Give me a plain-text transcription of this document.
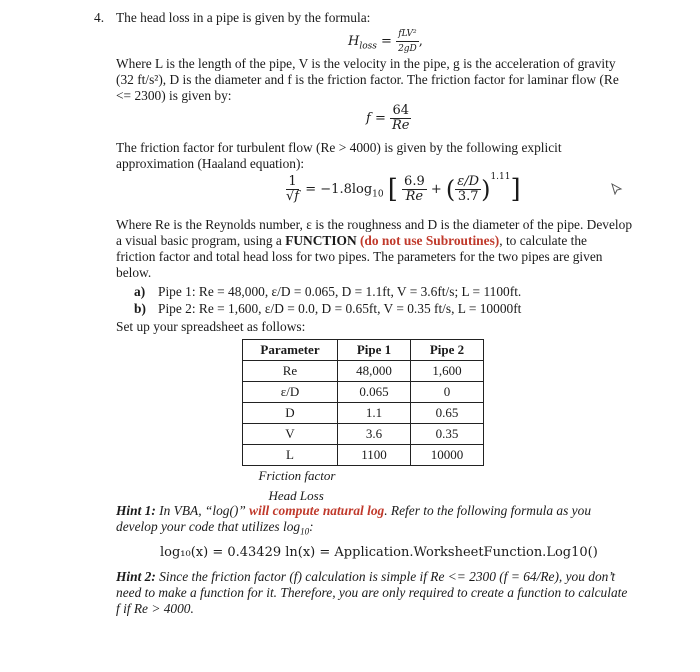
4. The head loss in a pipe is given by the formula:
$H_{loss} = \frac{\text{fLV²}}{2gD}$ ,
Where L is the length of the pipe, V is the velocity in the pipe, g is the acceleration of gravity
(32 ft/s²), D is the diameter and f is the friction factor. The friction factor for laminar flow (Re
<= 2300) is given by:
$f = \frac{64}{Re}$
The friction factor for turbulent flow (Re > 4000) is given by the following explicit
approximation (Haaland equation):
$\frac{1}{√f} = -1.8\log_{10}$ [ $\frac{6.9}{Re}$ + ( $\frac{\varepsilon/D}{3.7} )^{1.11}$]
Where Re is the Reynolds number, ε is the roughness and D is the diameter of the pipe. Develop
a visual basic program, using a FUNCTION (do not use Subroutines), to calculate the
friction factor and total head loss for two pipes. The parameters for the two pipes are given
below.
a) Pipe 1: Re = 48,000, ε/D = 0.065, D = 1.1ft, V = 3.6ft/s; L = 1100ft.
b) Pipe 2: Re = 1,600, ε/D = 0.0, D = 0.65ft, V = 0.35 ft/s, L = 10000ft
Set up your spreadsheet as follows:
Parameter	Pipe 1	Pipe 2
Re	48,000	1,600
ε/D	0.065	0
D	1.1	0.65
V	3.6	0.35
L	1100	10000
Friction factor		
Head Loss		
Hint 1: In VBA, “log()” will compute natural log. Refer to the following formula as you
develop your code that utilizes $\log_{10}$:
log₁₀(x) = 0.43429 ln(x) = Application.WorksheetFunction.Log10()
Hint 2: Since the friction factor (f) calculation is simple if Re <= 2300 (f = 64/Re), you don’t
need to make a function for it. Therefore, you are only required to create a function to calculate
f if Re > 4000.
